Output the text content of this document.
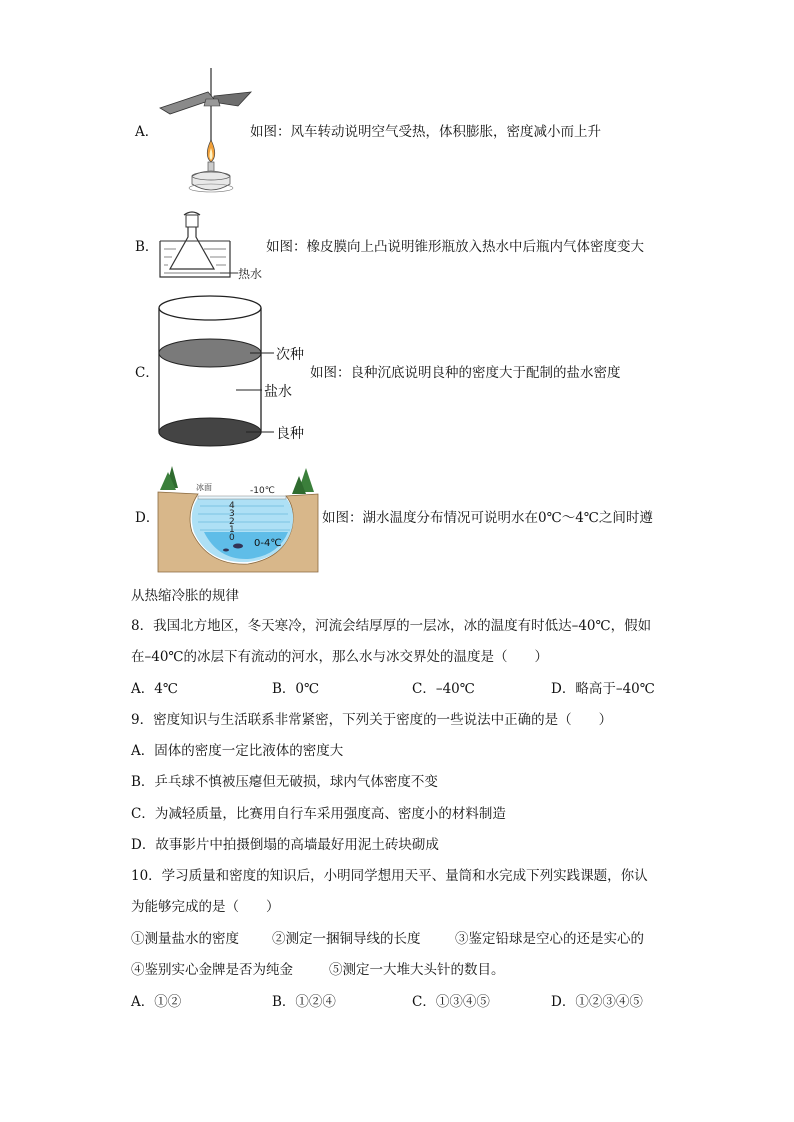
A．	如图：风车转动说明空气受热，体积膨胀，密度减小而上升
热水
B．	如图：橡皮膜向上凸说明锥形瓶放入热水中后瓶内气体密度变大
次种
盐水
良种
C．	如图：良种沉底说明良种的密度大于配制的盐水密度
冰面	-10℃
4
3
2
1
0 0-4℃
D．	如图：湖水温度分布情况可说明水在0℃～4℃之间时遵
从热缩冷胀的规律
8．我国北方地区，冬天寒冷，河流会结厚厚的一层冰，冰的温度有时低达–40℃，假如
在–40℃的冰层下有流动的河水，那么水与冰交界处的温度是（　　）
A．4℃	B．0℃	C．–40℃	D．略高于–40℃
9．密度知识与生活联系非常紧密，下列关于密度的一些说法中正确的是（　　）
A．固体的密度一定比液体的密度大
B．乒乓球不慎被压瘪但无破损，球内气体密度不变
C．为减轻质量，比赛用自行车采用强度高、密度小的材料制造
D．故事影片中拍摄倒塌的高墙最好用泥土砖块砌成
10．学习质量和密度的知识后，小明同学想用天平、量筒和水完成下列实践课题，你认
为能够完成的是（　　）
①测量盐水的密度 ②测定一捆铜导线的长度	③鉴定铅球是空心的还是实心的
④鉴别实心金牌是否为纯金	⑤测定一大堆大头针的数目。
A．①②	B．①②④	C．①③④⑤	D．①②③④⑤
